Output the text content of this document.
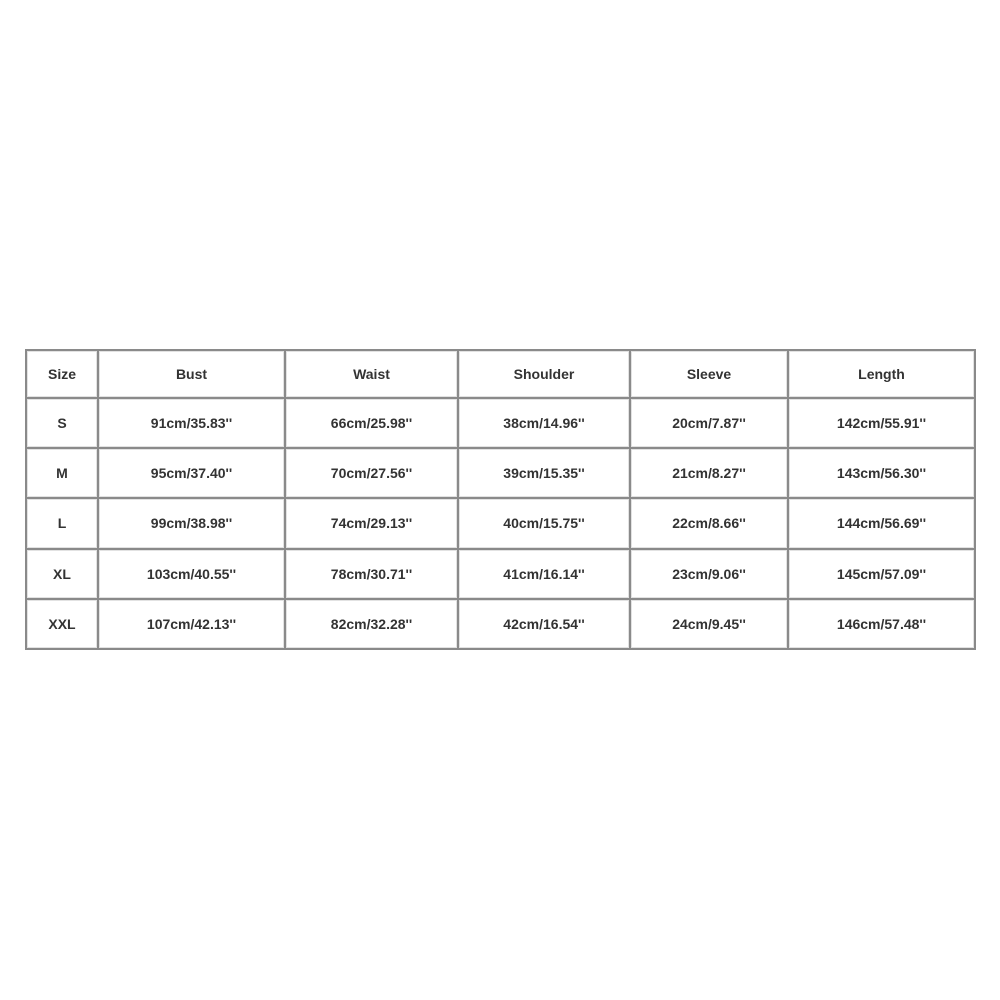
Size	Bust	Waist	Shoulder	Sleeve	Length
S	91cm/35.83''	66cm/25.98''	38cm/14.96''	20cm/7.87''	142cm/55.91''
M	95cm/37.40''	70cm/27.56''	39cm/15.35''	21cm/8.27''	143cm/56.30''
L	99cm/38.98''	74cm/29.13''	40cm/15.75''	22cm/8.66''	144cm/56.69''
XL	103cm/40.55''	78cm/30.71''	41cm/16.14''	23cm/9.06''	145cm/57.09''
XXL	107cm/42.13''	82cm/32.28''	42cm/16.54''	24cm/9.45''	146cm/57.48''
